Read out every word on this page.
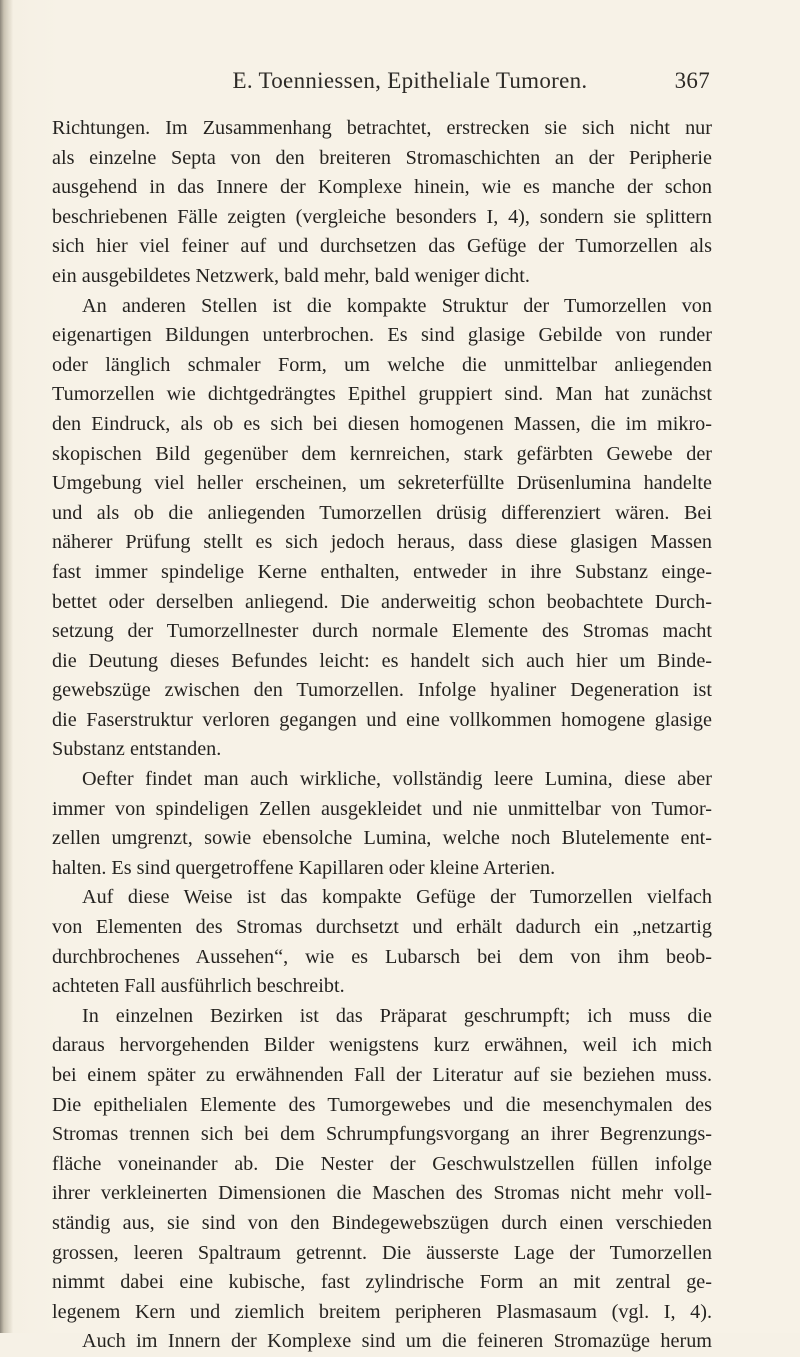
E. Toenniessen, Epitheliale Tumoren.	367
Richtungen. Im Zusammenhang betrachtet, erstrecken sie sich nicht nur
als einzelne Septa von den breiteren Stromaschichten an der Peripherie
ausgehend in das Innere der Komplexe hinein, wie es manche der schon
beschriebenen Fälle zeigten (vergleiche besonders I, 4), sondern sie splittern
sich hier viel feiner auf und durchsetzen das Gefüge der Tumorzellen als
ein ausgebildetes Netzwerk, bald mehr, bald weniger dicht.
An anderen Stellen ist die kompakte Struktur der Tumorzellen von
eigenartigen Bildungen unterbrochen. Es sind glasige Gebilde von runder
oder länglich schmaler Form, um welche die unmittelbar anliegenden
Tumorzellen wie dichtgedrängtes Epithel gruppiert sind. Man hat zunächst
den Eindruck, als ob es sich bei diesen homogenen Massen, die im mikro-
skopischen Bild gegenüber dem kernreichen, stark gefärbten Gewebe der
Umgebung viel heller erscheinen, um sekreterfüllte Drüsenlumina handelte
und als ob die anliegenden Tumorzellen drüsig differenziert wären. Bei
näherer Prüfung stellt es sich jedoch heraus, dass diese glasigen Massen
fast immer spindelige Kerne enthalten, entweder in ihre Substanz einge-
bettet oder derselben anliegend. Die anderweitig schon beobachtete Durch-
setzung der Tumorzellnester durch normale Elemente des Stromas macht
die Deutung dieses Befundes leicht: es handelt sich auch hier um Binde-
gewebszüge zwischen den Tumorzellen. Infolge hyaliner Degeneration ist
die Faserstruktur verloren gegangen und eine vollkommen homogene glasige
Substanz entstanden.
Oefter findet man auch wirkliche, vollständig leere Lumina, diese aber
immer von spindeligen Zellen ausgekleidet und nie unmittelbar von Tumor-
zellen umgrenzt, sowie ebensolche Lumina, welche noch Blutelemente ent-
halten. Es sind quergetroffene Kapillaren oder kleine Arterien.
Auf diese Weise ist das kompakte Gefüge der Tumorzellen vielfach
von Elementen des Stromas durchsetzt und erhält dadurch ein „netzartig
durchbrochenes Aussehen“, wie es Lubarsch bei dem von ihm beob-
achteten Fall ausführlich beschreibt.
In einzelnen Bezirken ist das Präparat geschrumpft; ich muss die
daraus hervorgehenden Bilder wenigstens kurz erwähnen, weil ich mich
bei einem später zu erwähnenden Fall der Literatur auf sie beziehen muss.
Die epithelialen Elemente des Tumorgewebes und die mesenchymalen des
Stromas trennen sich bei dem Schrumpfungsvorgang an ihrer Begrenzungs-
fläche voneinander ab. Die Nester der Geschwulstzellen füllen infolge
ihrer verkleinerten Dimensionen die Maschen des Stromas nicht mehr voll-
ständig aus, sie sind von den Bindegewebszügen durch einen verschieden
grossen, leeren Spaltraum getrennt. Die äusserste Lage der Tumorzellen
nimmt dabei eine kubische, fast zylindrische Form an mit zentral ge-
legenem Kern und ziemlich breitem peripheren Plasmasaum (vgl. I, 4).
Auch im Innern der Komplexe sind um die feineren Stromazüge herum
